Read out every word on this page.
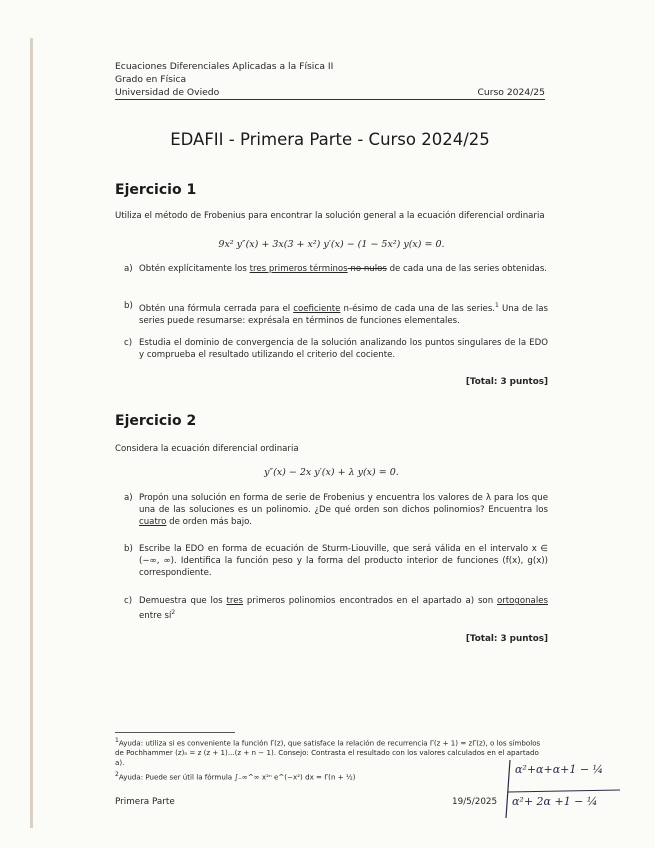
Ecuaciones Diferenciales Aplicadas a la Física II
Grado en Física
Universidad de Oviedo	Curso 2024/25
EDAFII - Primera Parte - Curso 2024/25
Ejercicio 1
Utiliza el método de Frobenius para encontrar la solución general a la ecuación diferencial ordinaria
9x² y″(x) + 3x(3 + x²) y′(x) − (1 − 5x²) y(x) = 0.
a) Obtén explícitamente los tres primeros términos no nulos de cada una de las series obtenidas.
b) Obtén una fórmula cerrada para el coeficiente n-ésimo de cada una de las series.$^1$ Una de las series puede resumarse: exprésala en términos de funciones elementales.
c) Estudia el dominio de convergencia de la solución analizando los puntos singulares de la EDO y comprueba el resultado utilizando el criterio del cociente.
[Total: 3 puntos]
Ejercicio 2
Considera la ecuación diferencial ordinaria
y″(x) − 2x y′(x) + λ y(x) = 0.
a) Propón una solución en forma de serie de Frobenius y encuentra los valores de λ para los que una de las soluciones es un polinomio. ¿De qué orden son dichos polinomios? Encuentra los cuatro de orden más bajo.
b) Escribe la EDO en forma de ecuación de Sturm-Liouville, que será válida en el intervalo x ∈ (−∞, ∞). Identifica la función peso y la forma del producto interior de funciones (f(x), g(x)) correspondiente.
c) Demuestra que los tres primeros polinomios encontrados en el apartado a) son ortogonales entre $sí^2$
[Total: 3 puntos]
$^1$Ayuda: utiliza si es conveniente la función Γ(z), que satisface la relación de recurrencia Γ(z + 1) = zΓ(z), o los símbolos de Pochhammer (z)ₙ = z (z + 1)...(z + n − 1). Consejo: Contrasta el resultado con los valores calculados en el apartado a).
$^2$Ayuda: Puede ser útil la fórmula ∫₋∞^∞ x²ⁿ e^(−x²) dx = Γ(n + ½)
Primera Parte	19/5/2025
α²+α+α+1 − ¼
α²+ 2α +1 − ¼
